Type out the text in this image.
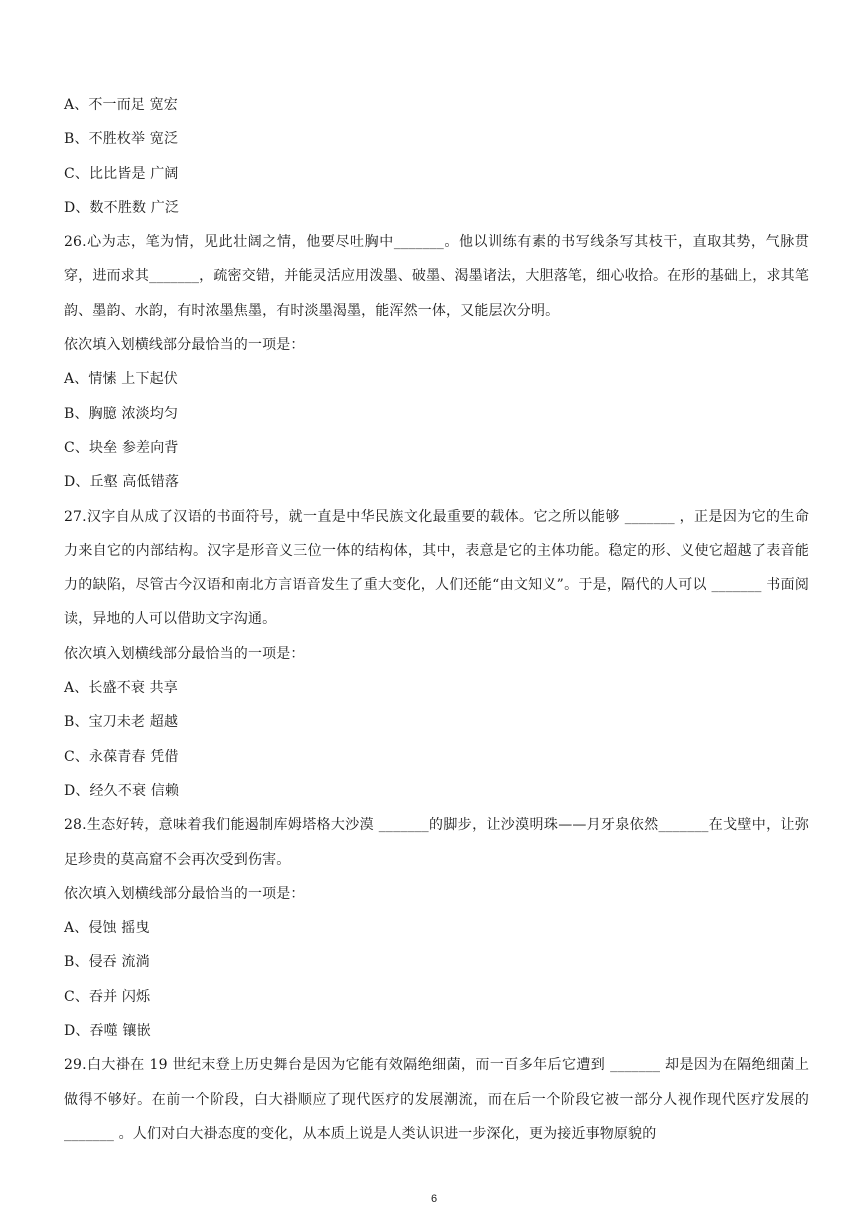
A、不一而足 宽宏

B、不胜枚举 宽泛

C、比比皆是 广阔

D、数不胜数 广泛

26.心为志，笔为情，见此壮阔之情，他要尽吐胸中_______。他以训练有素的书写线条写其枝干，直取其势，气脉贯穿，进而求其_______，疏密交错，并能灵活应用泼墨、破墨、渴墨诸法，大胆落笔，细心收拾。在形的基础上，求其笔韵、墨韵、水韵，有时浓墨焦墨，有时淡墨渴墨，能浑然一体，又能层次分明。

依次填入划横线部分最恰当的一项是：

A、情愫 上下起伏

B、胸臆 浓淡均匀

C、块垒 参差向背

D、丘壑 高低错落

27.汉字自从成了汉语的书面符号，就一直是中华民族文化最重要的载体。它之所以能够 _______ ，正是因为它的生命力来自它的内部结构。汉字是形音义三位一体的结构体，其中，表意是它的主体功能。稳定的形、义使它超越了表音能力的缺陷，尽管古今汉语和南北方言语音发生了重大变化，人们还能“由文知义”。于是，隔代的人可以 _______ 书面阅读，异地的人可以借助文字沟通。

依次填入划横线部分最恰当的一项是：

A、长盛不衰 共享

B、宝刀未老 超越

C、永葆青春 凭借

D、经久不衰 信赖

28.生态好转，意味着我们能遏制库姆塔格大沙漠 _______的脚步，让沙漠明珠——月牙泉依然_______在戈壁中，让弥足珍贵的莫高窟不会再次受到伤害。

依次填入划横线部分最恰当的一项是：

A、侵蚀 摇曳

B、侵吞 流淌

C、吞并 闪烁

D、吞噬 镶嵌

29.白大褂在 19 世纪末登上历史舞台是因为它能有效隔绝细菌，而一百多年后它遭到 _______ 却是因为在隔绝细菌上做得不够好。在前一个阶段，白大褂顺应了现代医疗的发展潮流，而在后一个阶段它被一部分人视作现代医疗发展的_______ 。人们对白大褂态度的变化，从本质上说是人类认识进一步深化，更为接近事物原貌的

6
